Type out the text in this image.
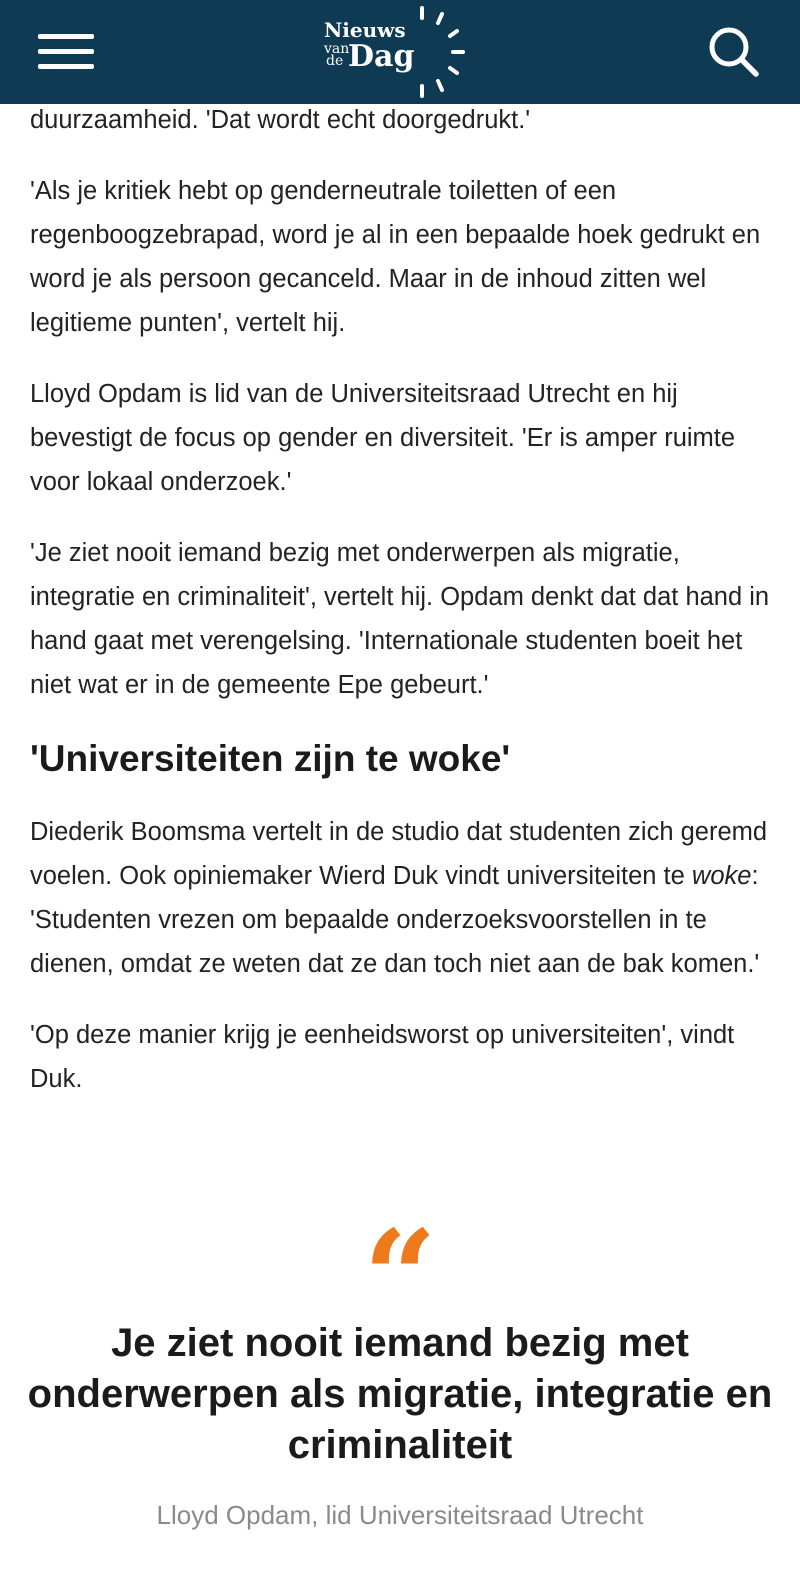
Nieuws
van
de Dag

duurzaamheid. 'Dat wordt echt doorgedrukt.'

'Als je kritiek hebt op genderneutrale toiletten of een regenboogzebrapad, word je al in een bepaalde hoek gedrukt en word je als persoon gecanceld. Maar in de inhoud zitten wel legitieme punten', vertelt hij.

Lloyd Opdam is lid van de Universiteitsraad Utrecht en hij bevestigt de focus op gender en diversiteit. 'Er is amper ruimte voor lokaal onderzoek.'

'Je ziet nooit iemand bezig met onderwerpen als migratie, integratie en criminaliteit', vertelt hij. Opdam denkt dat dat hand in hand gaat met verengelsing. 'Internationale studenten boeit het niet wat er in de gemeente Epe gebeurt.'

'Universiteiten zijn te woke'

Diederik Boomsma vertelt in de studio dat studenten zich geremd voelen. Ook opiniemaker Wierd Duk vindt universiteiten te woke: 'Studenten vrezen om bepaalde onderzoeksvoorstellen in te dienen, omdat ze weten dat ze dan toch niet aan de bak komen.'

'Op deze manier krijg je eenheidsworst op universiteiten', vindt Duk.

“
Je ziet nooit iemand bezig met onderwerpen als migratie, integratie en criminaliteit
Lloyd Opdam, lid Universiteitsraad Utrecht
